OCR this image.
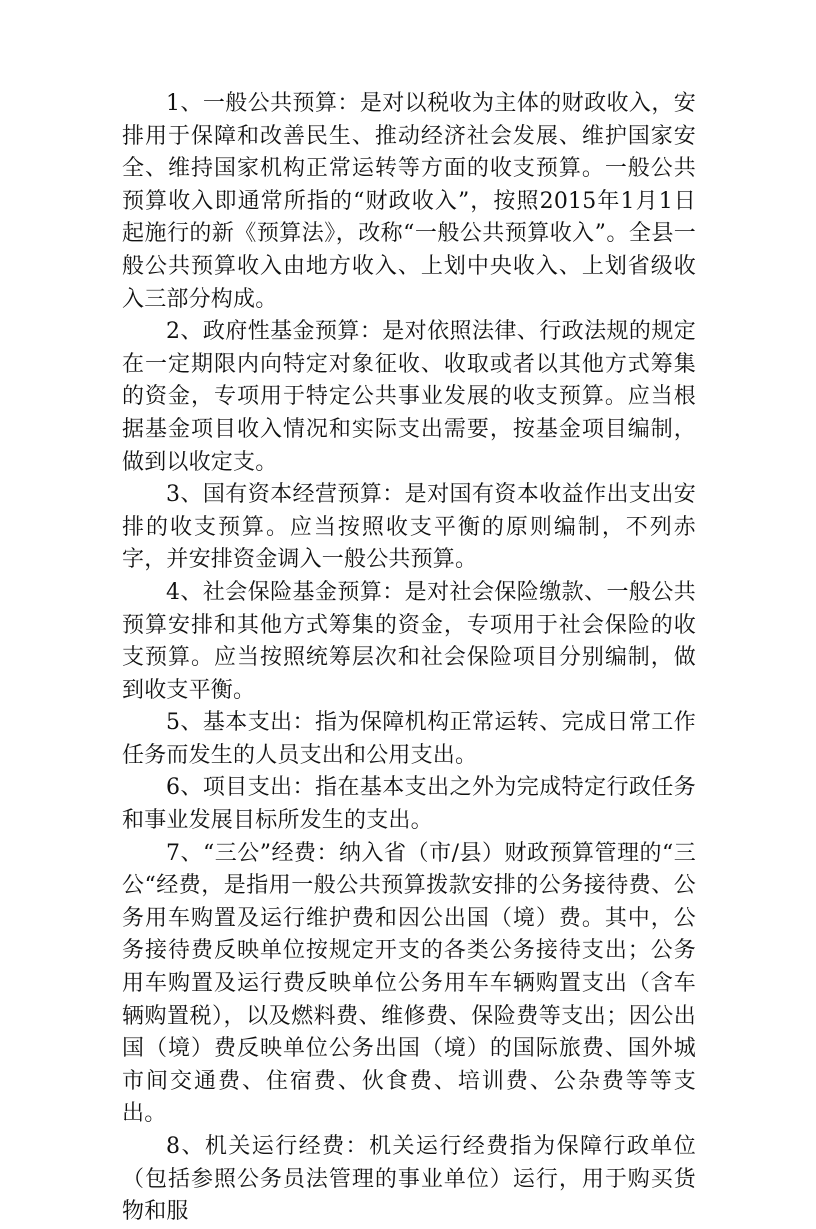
1、一般公共预算：是对以税收为主体的财政收入，安排用于保障和改善民生、推动经济社会发展、维护国家安全、维持国家机构正常运转等方面的收支预算。一般公共预算收入即通常所指的“财政收入”，按照2015年1月1日起施行的新《预算法》，改称“一般公共预算收入”。全县一般公共预算收入由地方收入、上划中央收入、上划省级收入三部分构成。

2、政府性基金预算：是对依照法律、行政法规的规定在一定期限内向特定对象征收、收取或者以其他方式筹集的资金，专项用于特定公共事业发展的收支预算。应当根据基金项目收入情况和实际支出需要，按基金项目编制，做到以收定支。

3、国有资本经营预算：是对国有资本收益作出支出安排的收支预算。应当按照收支平衡的原则编制，不列赤字，并安排资金调入一般公共预算。

4、社会保险基金预算：是对社会保险缴款、一般公共预算安排和其他方式筹集的资金，专项用于社会保险的收支预算。应当按照统筹层次和社会保险项目分别编制，做到收支平衡。

5、基本支出：指为保障机构正常运转、完成日常工作任务而发生的人员支出和公用支出。

6、项目支出：指在基本支出之外为完成特定行政任务和事业发展目标所发生的支出。

7、“三公”经费：纳入省（市/县）财政预算管理的“三公“经费，是指用一般公共预算拨款安排的公务接待费、公务用车购置及运行维护费和因公出国（境）费。其中，公务接待费反映单位按规定开支的各类公务接待支出；公务用车购置及运行费反映单位公务用车车辆购置支出（含车辆购置税），以及燃料费、维修费、保险费等支出；因公出国（境）费反映单位公务出国（境）的国际旅费、国外城市间交通费、住宿费、伙食费、培训费、公杂费等等支出。

8、机关运行经费：机关运行经费指为保障行政单位（包括参照公务员法管理的事业单位）运行，用于购买货物和服
